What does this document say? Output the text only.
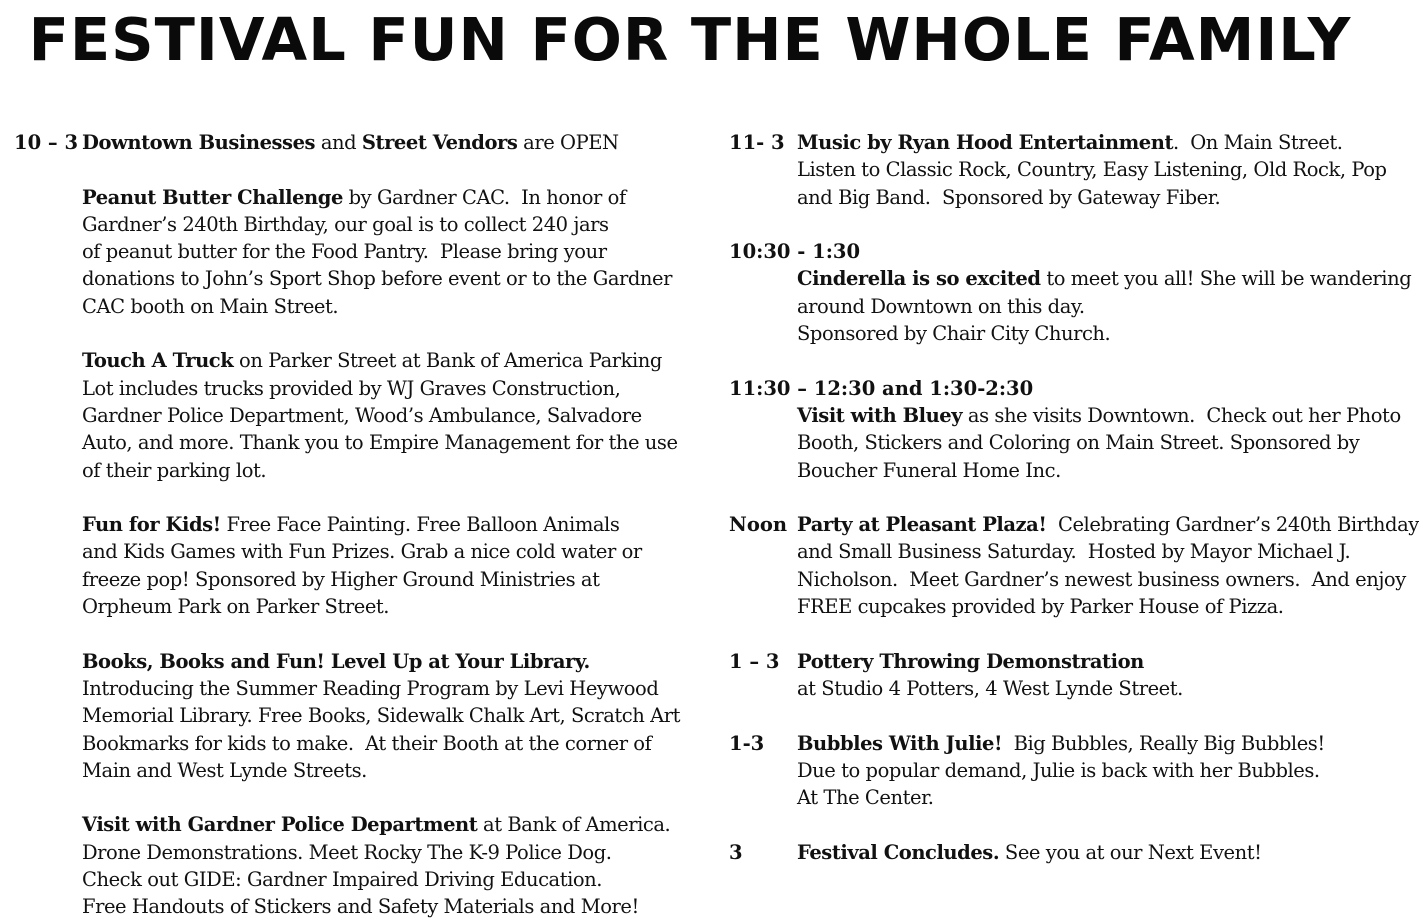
FESTIVAL FUN FOR THE WHOLE FAMILY
10 – 3 Downtown Businesses and Street Vendors are OPEN
Peanut Butter Challenge by Gardner CAC.  In honor of
Gardner’s 240th Birthday, our goal is to collect 240 jars
of peanut butter for the Food Pantry.  Please bring your
donations to John’s Sport Shop before event or to the Gardner
CAC booth on Main Street.
Touch A Truck on Parker Street at Bank of America Parking
Lot includes trucks provided by WJ Graves Construction,
Gardner Police Department, Wood’s Ambulance, Salvadore
Auto, and more. Thank you to Empire Management for the use
of their parking lot.
Fun for Kids! Free Face Painting. Free Balloon Animals
and Kids Games with Fun Prizes. Grab a nice cold water or
freeze pop! Sponsored by Higher Ground Ministries at
Orpheum Park on Parker Street.
Books, Books and Fun! Level Up at Your Library.
Introducing the Summer Reading Program by Levi Heywood
Memorial Library. Free Books, Sidewalk Chalk Art, Scratch Art
Bookmarks for kids to make.  At their Booth at the corner of
Main and West Lynde Streets.
Visit with Gardner Police Department at Bank of America.
Drone Demonstrations. Meet Rocky The K-9 Police Dog.
Check out GIDE: Gardner Impaired Driving Education.
Free Handouts of Stickers and Safety Materials and More!
11- 3 Music by Ryan Hood Entertainment.  On Main Street.
Listen to Classic Rock, Country, Easy Listening, Old Rock, Pop
and Big Band.  Sponsored by Gateway Fiber.
10:30 - 1:30
Cinderella is so excited to meet you all! She will be wandering
around Downtown on this day.
Sponsored by Chair City Church.
11:30 – 12:30 and 1:30-2:30
Visit with Bluey as she visits Downtown.  Check out her Photo
Booth, Stickers and Coloring on Main Street. Sponsored by
Boucher Funeral Home Inc.
Noon Party at Pleasant Plaza!  Celebrating Gardner’s 240th Birthday
and Small Business Saturday.  Hosted by Mayor Michael J.
Nicholson.  Meet Gardner’s newest business owners.  And enjoy
FREE cupcakes provided by Parker House of Pizza.
1 – 3 Pottery Throwing Demonstration
at Studio 4 Potters, 4 West Lynde Street.
1-3 Bubbles With Julie!  Big Bubbles, Really Big Bubbles!
Due to popular demand, Julie is back with her Bubbles.
At The Center.
3	Festival Concludes. See you at our Next Event!
